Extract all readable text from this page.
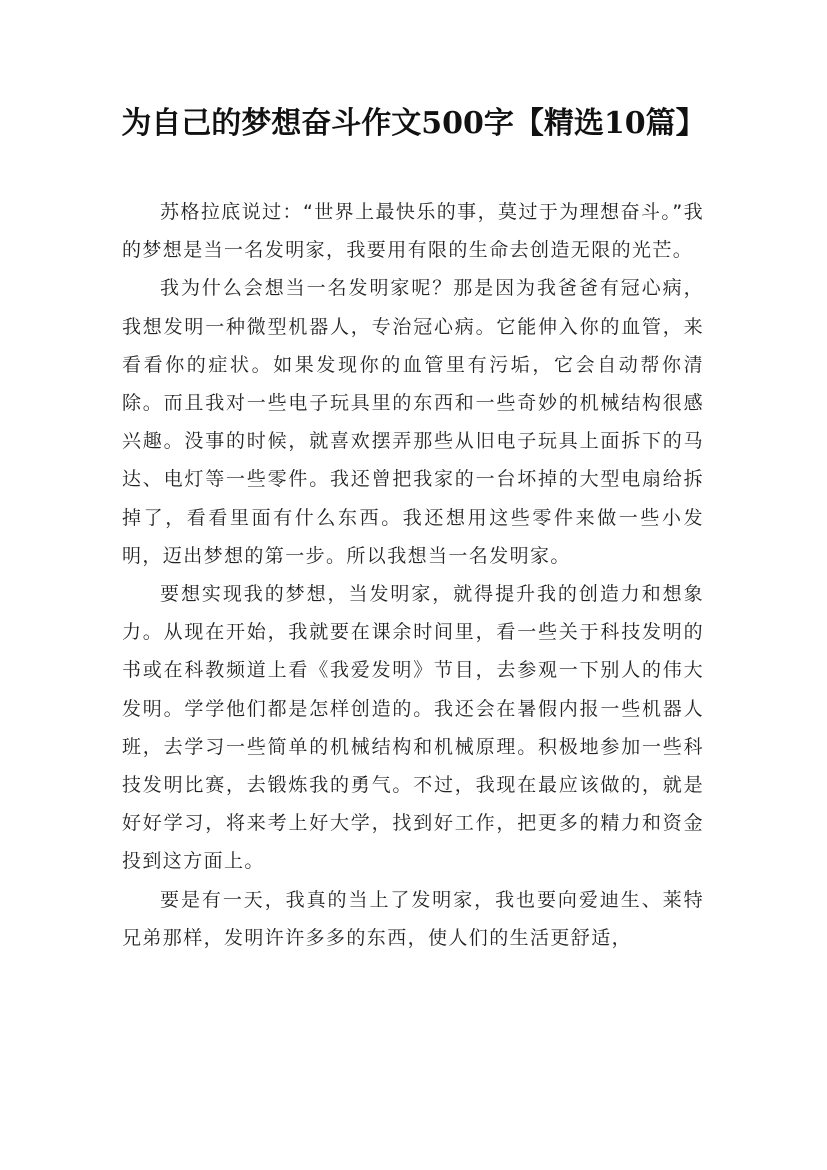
为自己的梦想奋斗作文500字【精选10篇】

苏格拉底说过：“世界上最快乐的事，莫过于为理想奋斗。”我的梦想是当一名发明家，我要用有限的生命去创造无限的光芒。

我为什么会想当一名发明家呢？那是因为我爸爸有冠心病，我想发明一种微型机器人，专治冠心病。它能伸入你的血管，来看看你的症状。如果发现你的血管里有污垢，它会自动帮你清除。而且我对一些电子玩具里的东西和一些奇妙的机械结构很感兴趣。没事的时候，就喜欢摆弄那些从旧电子玩具上面拆下的马达、电灯等一些零件。我还曾把我家的一台坏掉的大型电扇给拆掉了，看看里面有什么东西。我还想用这些零件来做一些小发明，迈出梦想的第一步。所以我想当一名发明家。

要想实现我的梦想，当发明家，就得提升我的创造力和想象力。从现在开始，我就要在课余时间里，看一些关于科技发明的书或在科教频道上看《我爱发明》节目，去参观一下别人的伟大发明。学学他们都是怎样创造的。我还会在暑假内报一些机器人班，去学习一些简单的机械结构和机械原理。积极地参加一些科技发明比赛，去锻炼我的勇气。不过，我现在最应该做的，就是好好学习，将来考上好大学，找到好工作，把更多的精力和资金投到这方面上。

要是有一天，我真的当上了发明家，我也要向爱迪生、莱特兄弟那样，发明许许多多的东西，使人们的生活更舒适，
